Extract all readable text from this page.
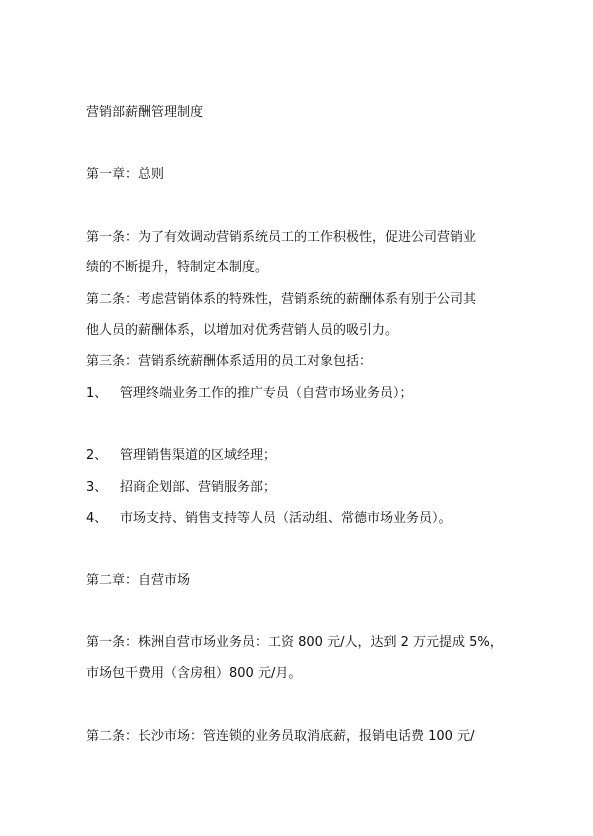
营销部薪酬管理制度
第一章：总则
第一条：为了有效调动营销系统员工的工作积极性，促进公司营销业
绩的不断提升，特制定本制度。
第二条：考虑营销体系的特殊性，营销系统的薪酬体系有别于公司其
他人员的薪酬体系，以增加对优秀营销人员的吸引力。
第三条：营销系统薪酬体系适用的员工对象包括：
1、 管理终端业务工作的推广专员（自营市场业务员）；
2、 管理销售渠道的区域经理；
3、 招商企划部、营销服务部；
4、 市场支持、销售支持等人员（活动组、常德市场业务员）。
第二章：自营市场
第一条：株洲自营市场业务员：工资 800 元/人，达到 2 万元提成 5%，
市场包干费用（含房租）800 元/月。
第二条：长沙市场：管连锁的业务员取消底薪，报销电话费 100 元/
